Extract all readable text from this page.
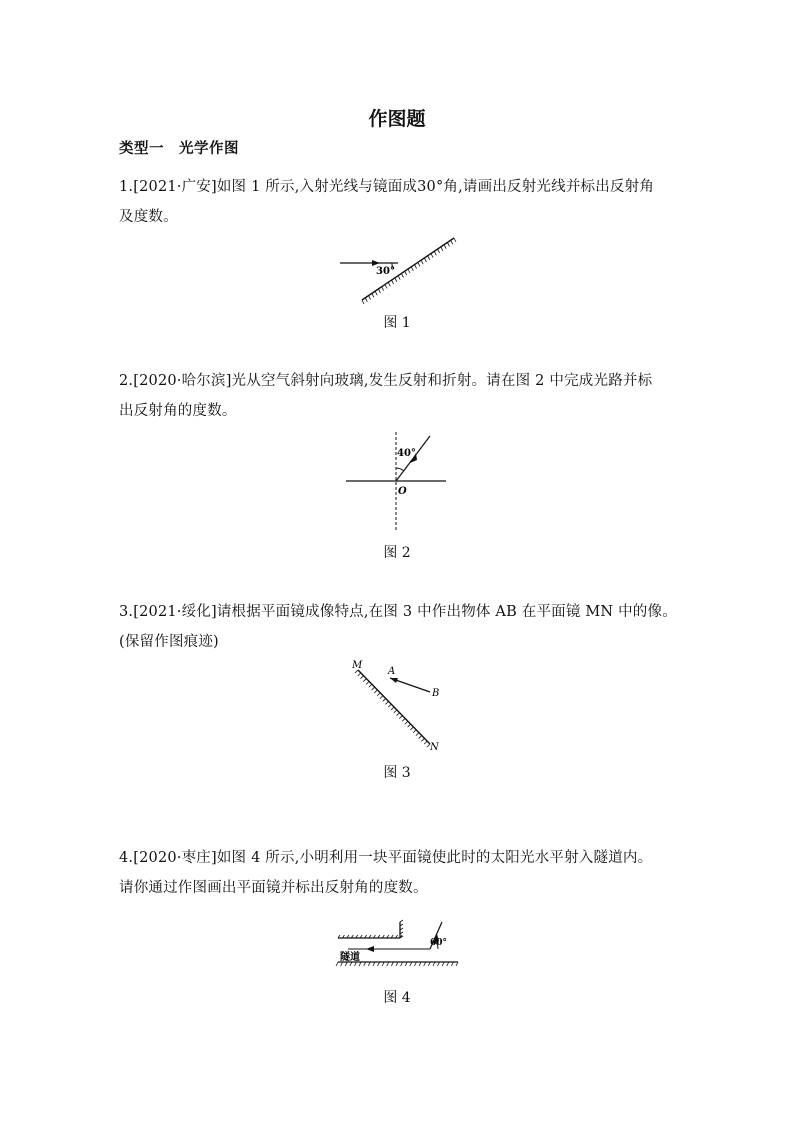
作图题
类型一　光学作图
1.[2021·广安]如图 1 所示,入射光线与镜面成30°角,请画出反射光线并标出反射角
及度数。
30°
图 1
2.[2020·哈尔滨]光从空气斜射向玻璃,发生反射和折射。请在图 2 中完成光路并标
出反射角的度数。
40°
O
图 2
3.[2021·绥化]请根据平面镜成像特点,在图 3 中作出物体 AB 在平面镜 MN 中的像。
(保留作图痕迹)
M
A
B
N
图 3
4.[2020·枣庄]如图 4 所示,小明利用一块平面镜使此时的太阳光水平射入隧道内。
请你通过作图画出平面镜并标出反射角的度数。
60°
隧道
图 4
